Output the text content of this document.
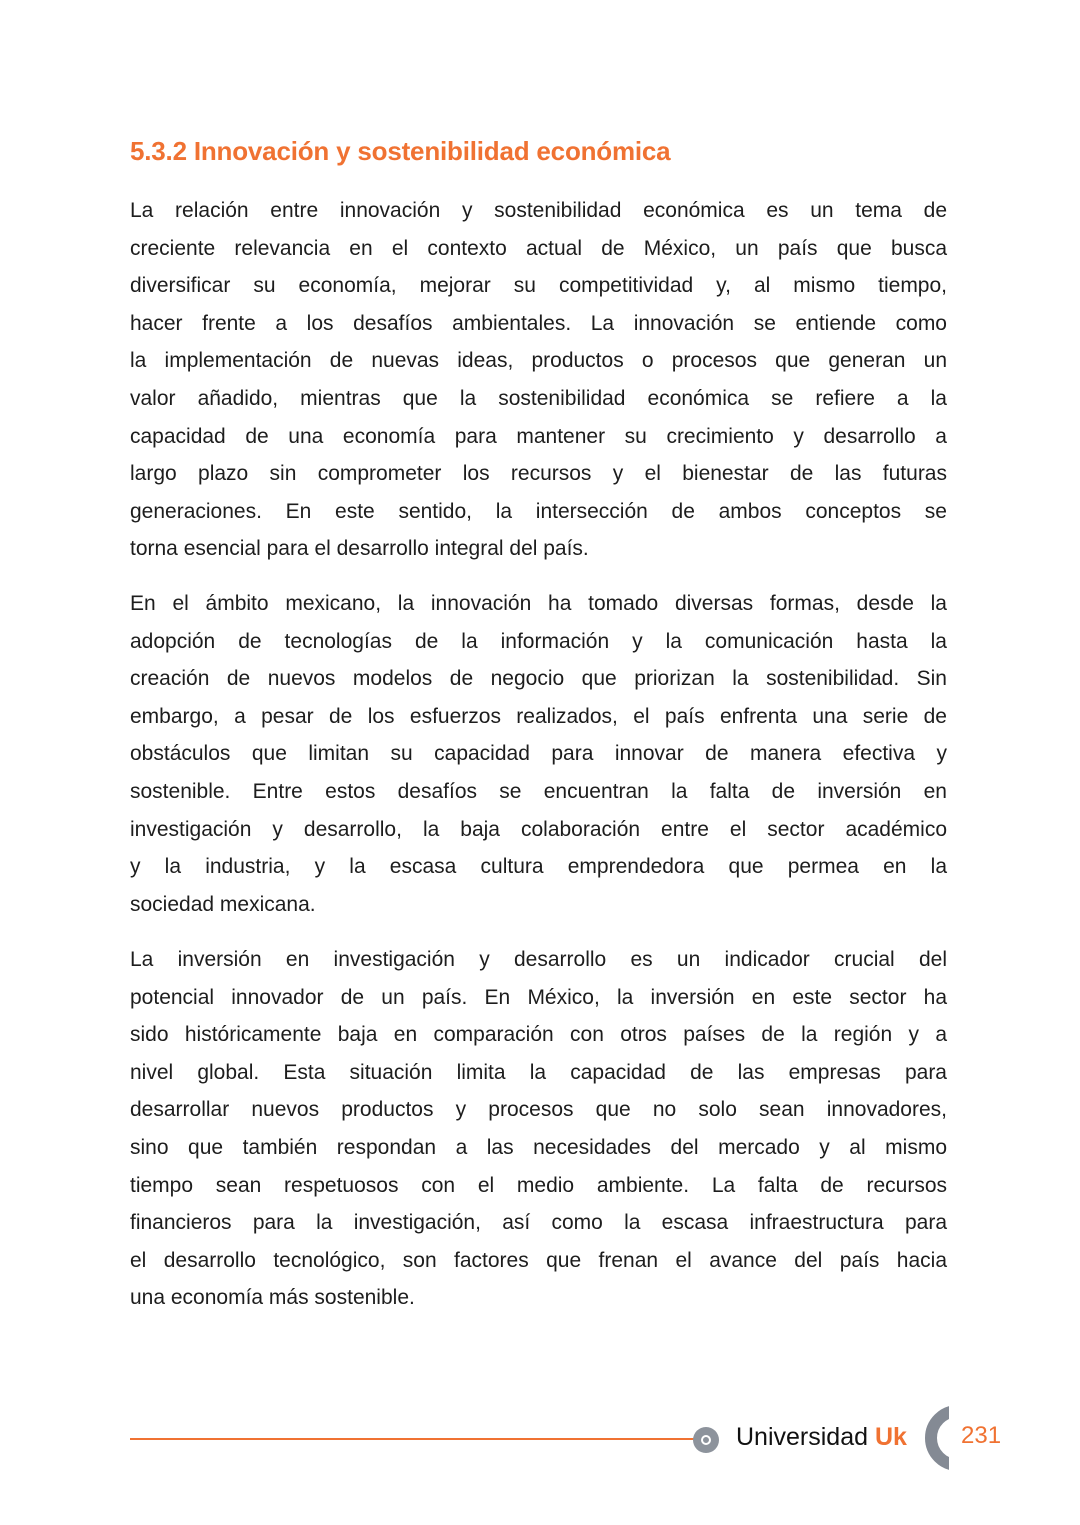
5.3.2 Innovación y sostenibilidad económica
La relación entre innovación y sostenibilidad económica es un tema de
creciente relevancia en el contexto actual de México, un país que busca
diversificar su economía, mejorar su competitividad y, al mismo tiempo,
hacer frente a los desafíos ambientales. La innovación se entiende como
la implementación de nuevas ideas, productos o procesos que generan un
valor añadido, mientras que la sostenibilidad económica se refiere a la
capacidad de una economía para mantener su crecimiento y desarrollo a
largo plazo sin comprometer los recursos y el bienestar de las futuras
generaciones. En este sentido, la intersección de ambos conceptos se
torna esencial para el desarrollo integral del país.
En el ámbito mexicano, la innovación ha tomado diversas formas, desde la
adopción de tecnologías de la información y la comunicación hasta la
creación de nuevos modelos de negocio que priorizan la sostenibilidad. Sin
embargo, a pesar de los esfuerzos realizados, el país enfrenta una serie de
obstáculos que limitan su capacidad para innovar de manera efectiva y
sostenible. Entre estos desafíos se encuentran la falta de inversión en
investigación y desarrollo, la baja colaboración entre el sector académico
y la industria, y la escasa cultura emprendedora que permea en la
sociedad mexicana.
La inversión en investigación y desarrollo es un indicador crucial del
potencial innovador de un país. En México, la inversión en este sector ha
sido históricamente baja en comparación con otros países de la región y a
nivel global. Esta situación limita la capacidad de las empresas para
desarrollar nuevos productos y procesos que no solo sean innovadores,
sino que también respondan a las necesidades del mercado y al mismo
tiempo sean respetuosos con el medio ambiente. La falta de recursos
financieros para la investigación, así como la escasa infraestructura para
el desarrollo tecnológico, son factores que frenan el avance del país hacia
una economía más sostenible.
Universidad Uk 231
